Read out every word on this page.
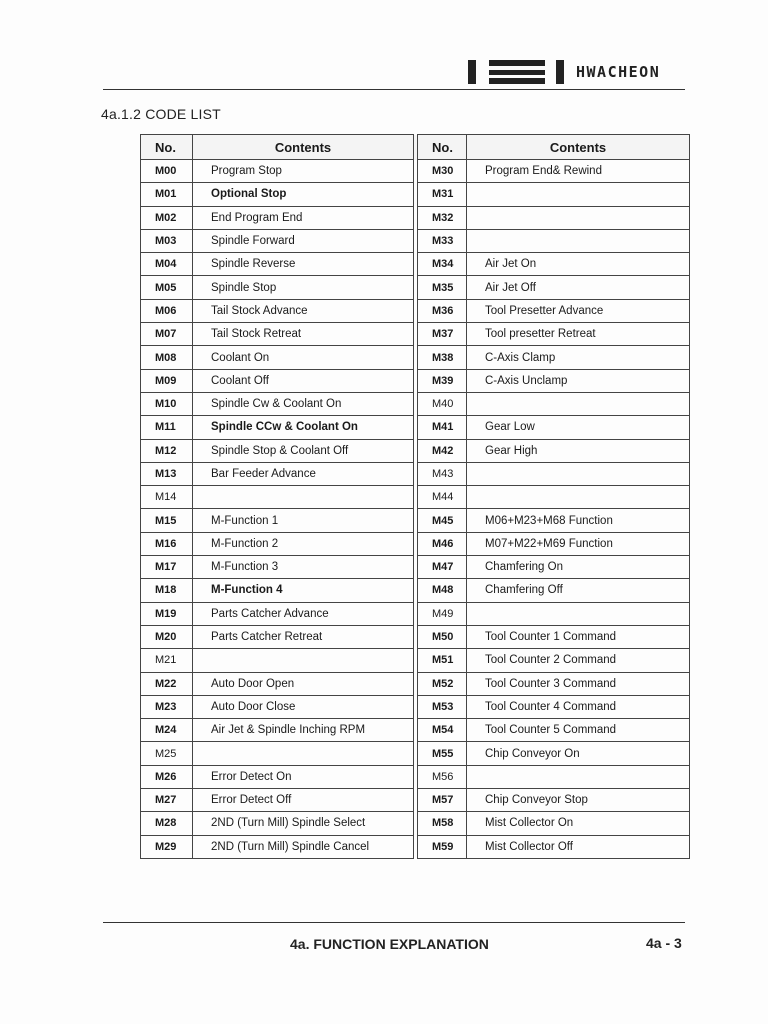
HWACHEON
4a.1.2 CODE LIST
No.	Contents		No.	Contents
M00	Program Stop		M30	Program End& Rewind
M01	Optional Stop		M31	
M02	End Program End		M32	
M03	Spindle Forward		M33	
M04	Spindle Reverse		M34	Air Jet On
M05	Spindle Stop		M35	Air Jet Off
M06	Tail Stock Advance		M36	Tool Presetter Advance
M07	Tail Stock Retreat		M37	Tool presetter Retreat
M08	Coolant On		M38	C-Axis Clamp
M09	Coolant Off		M39	C-Axis Unclamp
M10	Spindle Cw & Coolant On		M40	
M11	Spindle CCw & Coolant On		M41	Gear Low
M12	Spindle Stop & Coolant Off		M42	Gear High
M13	Bar Feeder Advance		M43	
M14			M44	
M15	M-Function 1		M45	M06+M23+M68 Function
M16	M-Function 2		M46	M07+M22+M69 Function
M17	M-Function 3		M47	Chamfering On
M18	M-Function 4		M48	Chamfering Off
M19	Parts Catcher Advance		M49	
M20	Parts Catcher Retreat		M50	Tool Counter 1 Command
M21			M51	Tool Counter 2 Command
M22	Auto Door Open		M52	Tool Counter 3 Command
M23	Auto Door Close		M53	Tool Counter 4 Command
M24	Air Jet & Spindle Inching RPM		M54	Tool Counter 5 Command
M25			M55	Chip Conveyor On
M26	Error Detect On		M56	
M27	Error Detect Off		M57	Chip Conveyor Stop
M28	2ND (Turn Mill) Spindle Select		M58	Mist Collector On
M29	2ND (Turn Mill) Spindle Cancel		M59	Mist Collector Off
4a. FUNCTION EXPLANATION	4a - 3
